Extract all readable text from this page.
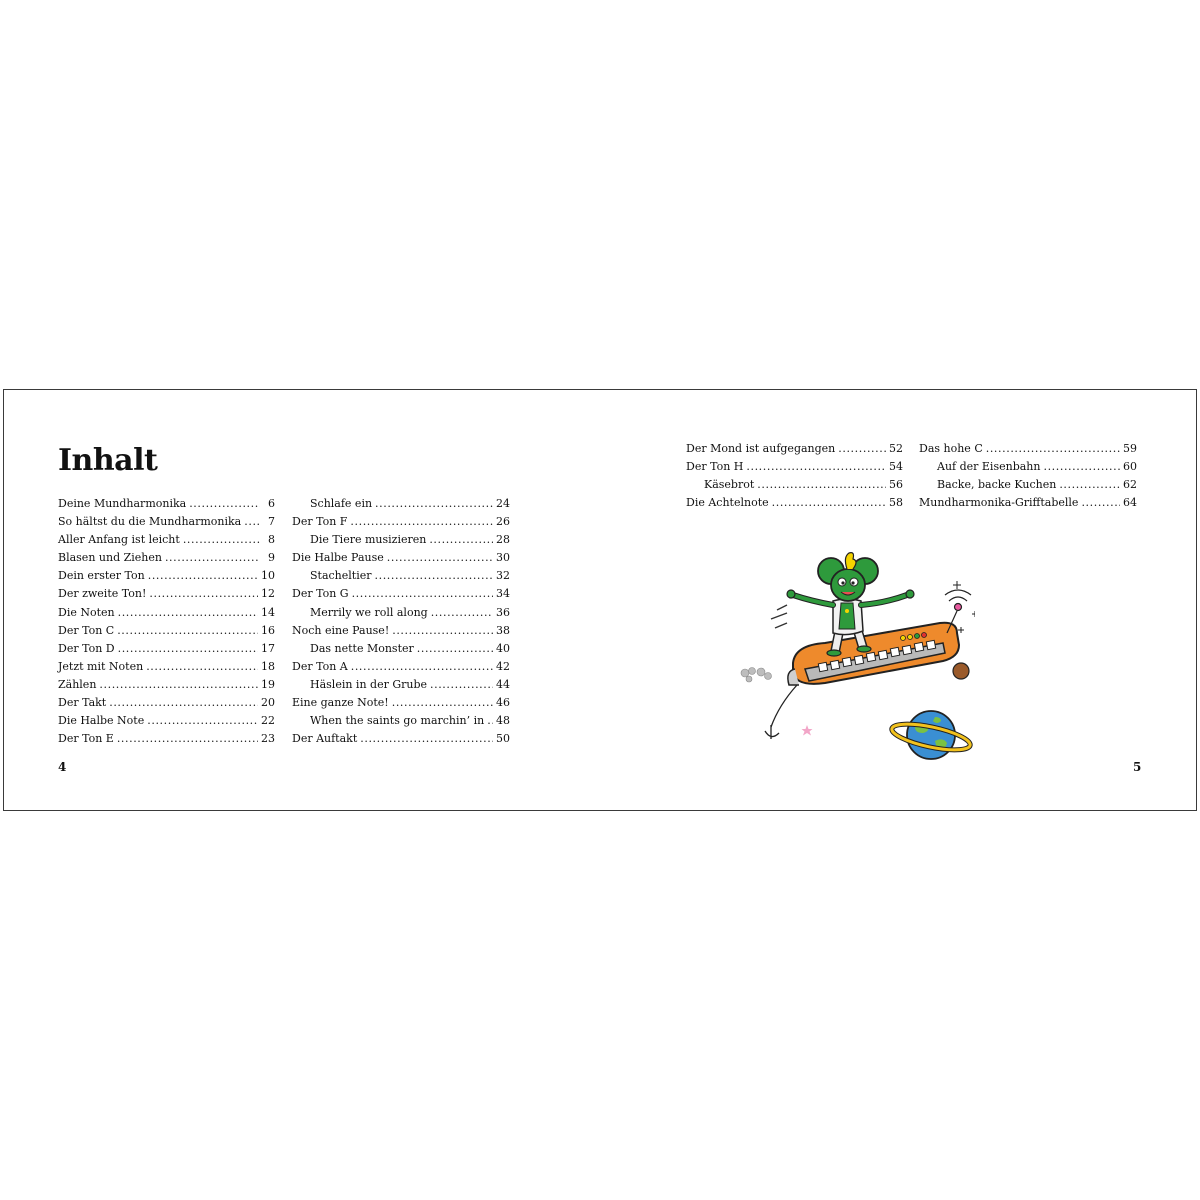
Inhalt
Deine Mundharmonika .....	6
So hältst du die Mundharmonika .....	7
Aller Anfang ist leicht .....	8
Blasen und Ziehen .....	9
Dein erster Ton .....	10
Der zweite Ton! .....	12
Die Noten .....	14
Der Ton C .....	16
Der Ton D .....	17
Jetzt mit Noten .....	18
Zählen .....	19
Der Takt .....	20
Die Halbe Note .....	22
Der Ton E .....	23
Schlafe ein .....	24
Der Ton F .....	26
Die Tiere musizieren .....	28
Die Halbe Pause .....	30
Stacheltier .....	32
Der Ton G .....	34
Merrily we roll along .....	36
Noch eine Pause! .....	38
Das nette Monster .....	40
Der Ton A .....	42
Häslein in der Grube .....	44
Eine ganze Note! .....	46
When the saints go marchin’ in ..... 48
Der Auftakt .....	50
Der Mond ist aufgegangen .....	52
Der Ton H .....	54
Käsebrot .....	56
Die Achtelnote .....	58
Das hohe C .....	59
Auf der Eisenbahn .....	60
Backe, backe Kuchen .....	62
Mundharmonika-Grifftabelle .....	64
4	5
